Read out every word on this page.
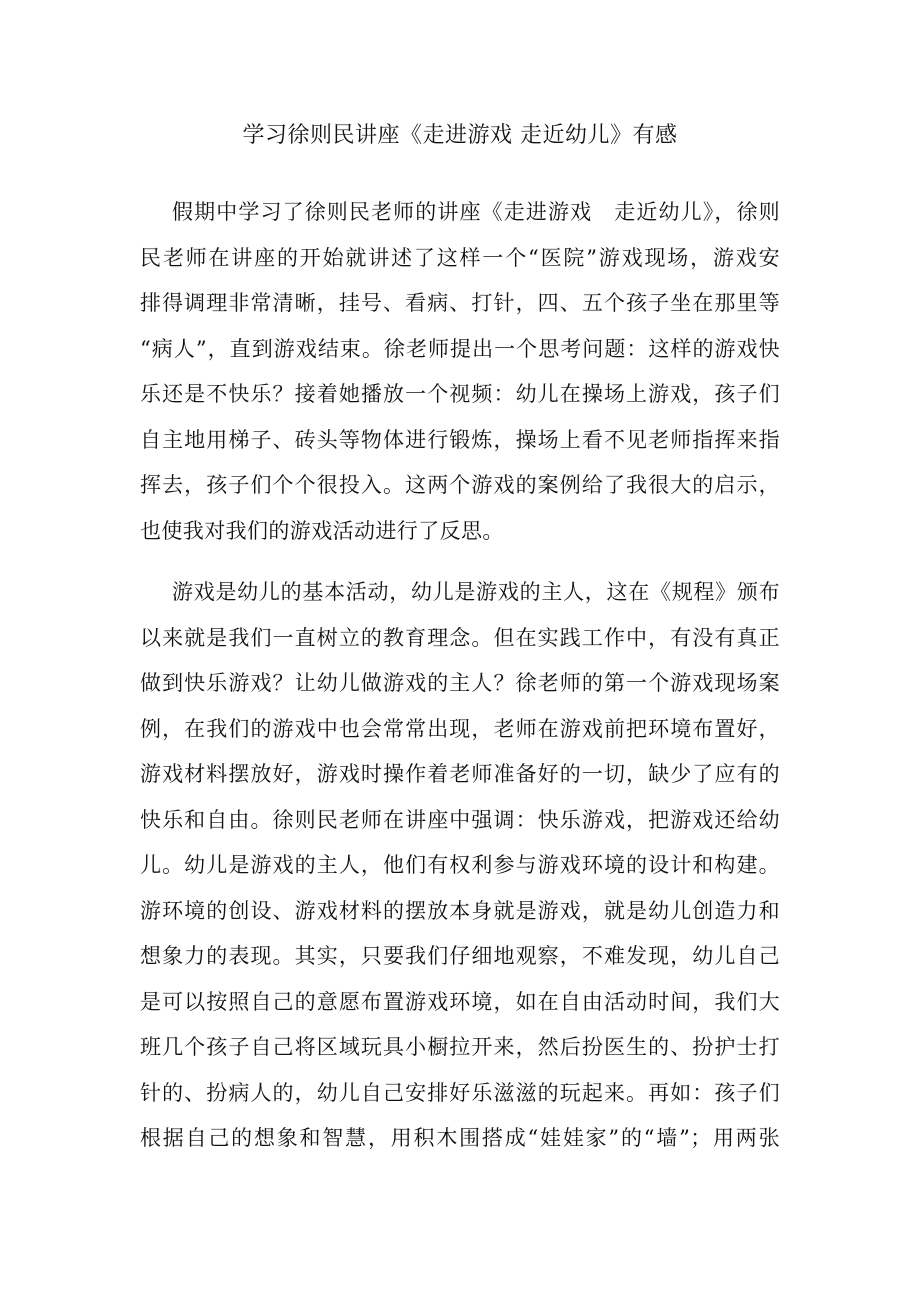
学习徐则民讲座《走进游戏 走近幼儿》有感
假期中学习了徐则民老师的讲座《走进游戏　走近幼儿》，徐则
民老师在讲座的开始就讲述了这样一个“医院”游戏现场，游戏安
排得调理非常清晰，挂号、看病、打针，四、五个孩子坐在那里等
“病人”，直到游戏结束。徐老师提出一个思考问题：这样的游戏快
乐还是不快乐？接着她播放一个视频：幼儿在操场上游戏，孩子们
自主地用梯子、砖头等物体进行锻炼，操场上看不见老师指挥来指
挥去，孩子们个个很投入。这两个游戏的案例给了我很大的启示，
也使我对我们的游戏活动进行了反思。
游戏是幼儿的基本活动，幼儿是游戏的主人，这在《规程》颁布
以来就是我们一直树立的教育理念。但在实践工作中，有没有真正
做到快乐游戏？让幼儿做游戏的主人？徐老师的第一个游戏现场案
例，在我们的游戏中也会常常出现，老师在游戏前把环境布置好，
游戏材料摆放好，游戏时操作着老师准备好的一切，缺少了应有的
快乐和自由。徐则民老师在讲座中强调：快乐游戏，把游戏还给幼
儿。幼儿是游戏的主人，他们有权利参与游戏环境的设计和构建。
游环境的创设、游戏材料的摆放本身就是游戏，就是幼儿创造力和
想象力的表现。其实，只要我们仔细地观察，不难发现，幼儿自己
是可以按照自己的意愿布置游戏环境，如在自由活动时间，我们大
班几个孩子自己将区域玩具小橱拉开来，然后扮医生的、扮护士打
针的、扮病人的，幼儿自己安排好乐滋滋的玩起来。再如：孩子们
根据自己的想象和智慧，用积木围搭成“娃娃家”的“墙”；用两张
